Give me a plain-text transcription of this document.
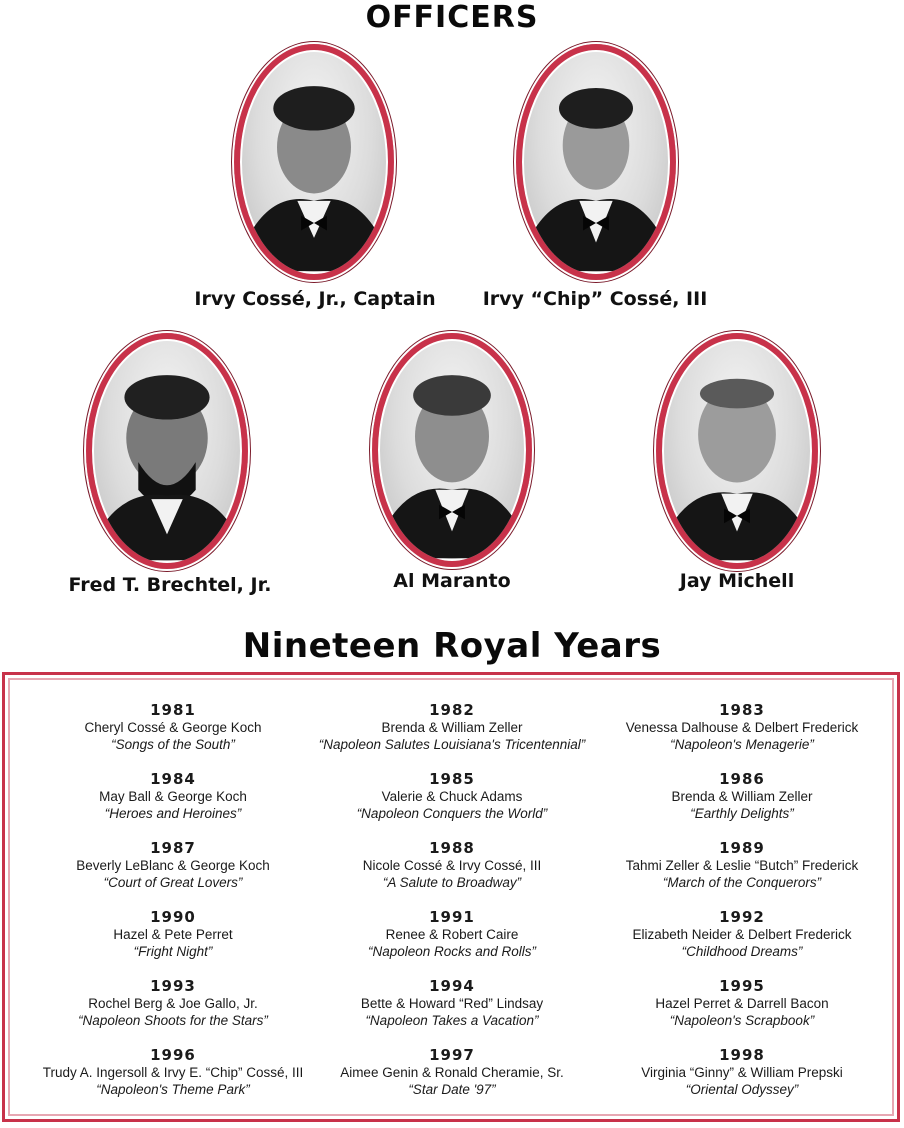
OFFICERS
Irvy Cossé, Jr., Captain	Irvy “Chip” Cossé, III
Fred T. Brechtel, Jr.	Al Maranto	Jay Michell
Nineteen Royal Years
1981
Cheryl Cossé & George Koch
“Songs of the South”
1982
Brenda & William Zeller
“Napoleon Salutes Louisiana's Tricentennial”
1983
Venessa Dalhouse & Delbert Frederick
“Napoleon's Menagerie”
1984
May Ball & George Koch
“Heroes and Heroines”
1985
Valerie & Chuck Adams
“Napoleon Conquers the World”
1986
Brenda & William Zeller
“Earthly Delights”
1987
Beverly LeBlanc & George Koch
“Court of Great Lovers”
1988
Nicole Cossé & Irvy Cossé, III
“A Salute to Broadway”
1989
Tahmi Zeller & Leslie “Butch” Frederick
“March of the Conquerors”
1990
Hazel & Pete Perret
“Fright Night”
1991
Renee & Robert Caire
“Napoleon Rocks and Rolls”
1992
Elizabeth Neider & Delbert Frederick
“Childhood Dreams”
1993
Rochel Berg & Joe Gallo, Jr.
“Napoleon Shoots for the Stars”
1994
Bette & Howard “Red” Lindsay
“Napoleon Takes a Vacation”
1995
Hazel Perret & Darrell Bacon
“Napoleon's Scrapbook”
1996
Trudy A. Ingersoll & Irvy E. “Chip” Cossé, III
“Napoleon's Theme Park”
1997
Aimee Genin & Ronald Cheramie, Sr.
“Star Date '97”
1998
Virginia “Ginny” & William Prepski
“Oriental Odyssey”
